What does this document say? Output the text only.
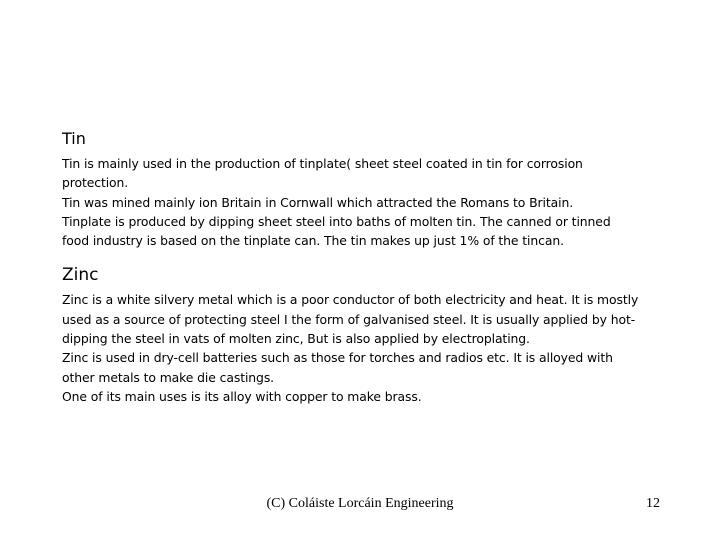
Tin

Tin is mainly used in the production of tinplate( sheet steel coated in tin for corrosion

protection.

Tin was mined mainly ion Britain in Cornwall which attracted the Romans to Britain.

Tinplate is produced by dipping sheet steel into baths of molten tin. The canned or tinned

food industry is based on the tinplate can. The tin makes up just 1% of the tincan.

Zinc

Zinc is a white silvery metal which is a poor conductor of both electricity and heat. It is mostly

used as a source of protecting steel I the form of galvanised steel. It is usually applied by hot-

dipping the steel in vats of molten zinc, But is also applied by electroplating.

Zinc is used in dry-cell batteries such as those for torches and radios etc. It is alloyed with

other metals to make die castings.

One of its main uses is its alloy with copper to make brass.

(C) Coláiste Lorcáin Engineering	12
